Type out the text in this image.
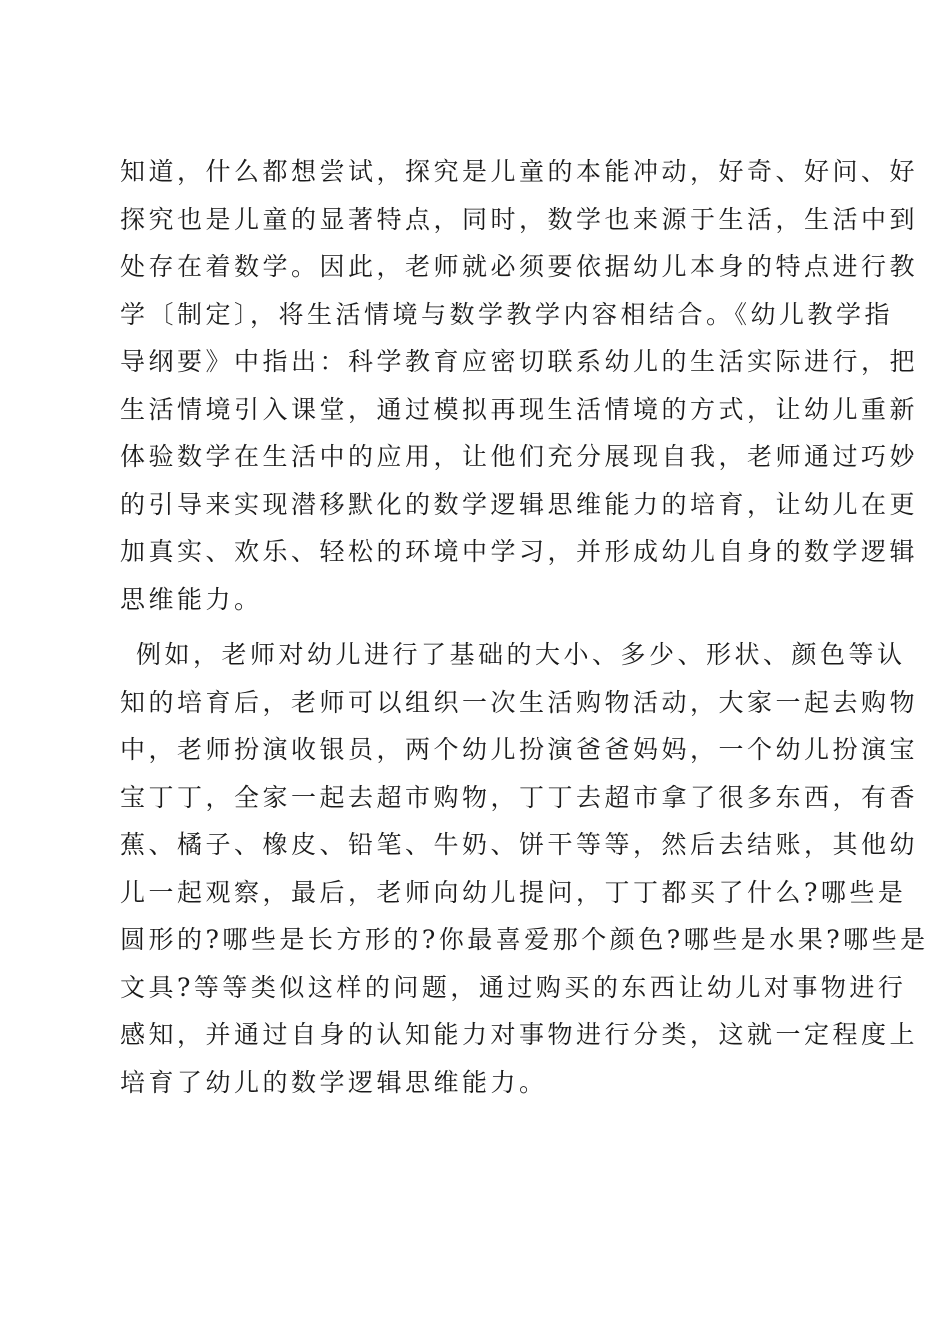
知道，什么都想尝试，探究是儿童的本能冲动，好奇、好问、好
探究也是儿童的显著特点，同时，数学也来源于生活，生活中到
处存在着数学。因此，老师就必须要依据幼儿本身的特点进行教
学〔制定〕，将生活情境与数学教学内容相结合。《幼儿教学指
导纲要》中指出：科学教育应密切联系幼儿的生活实际进行，把
生活情境引入课堂，通过模拟再现生活情境的方式，让幼儿重新
体验数学在生活中的应用，让他们充分展现自我，老师通过巧妙
的引导来实现潜移默化的数学逻辑思维能力的培育，让幼儿在更
加真实、欢乐、轻松的环境中学习，并形成幼儿自身的数学逻辑
思维能力。
例如，老师对幼儿进行了基础的大小、多少、形状、颜色等认
知的培育后，老师可以组织一次生活购物活动，大家一起去购物
中，老师扮演收银员，两个幼儿扮演爸爸妈妈，一个幼儿扮演宝
宝丁丁，全家一起去超市购物，丁丁去超市拿了很多东西，有香
蕉、橘子、橡皮、铅笔、牛奶、饼干等等，然后去结账，其他幼
儿一起观察，最后，老师向幼儿提问，丁丁都买了什么?哪些是
圆形的?哪些是长方形的?你最喜爱那个颜色?哪些是水果?哪些是
文具?等等类似这样的问题，通过购买的东西让幼儿对事物进行
感知，并通过自身的认知能力对事物进行分类，这就一定程度上
培育了幼儿的数学逻辑思维能力。
